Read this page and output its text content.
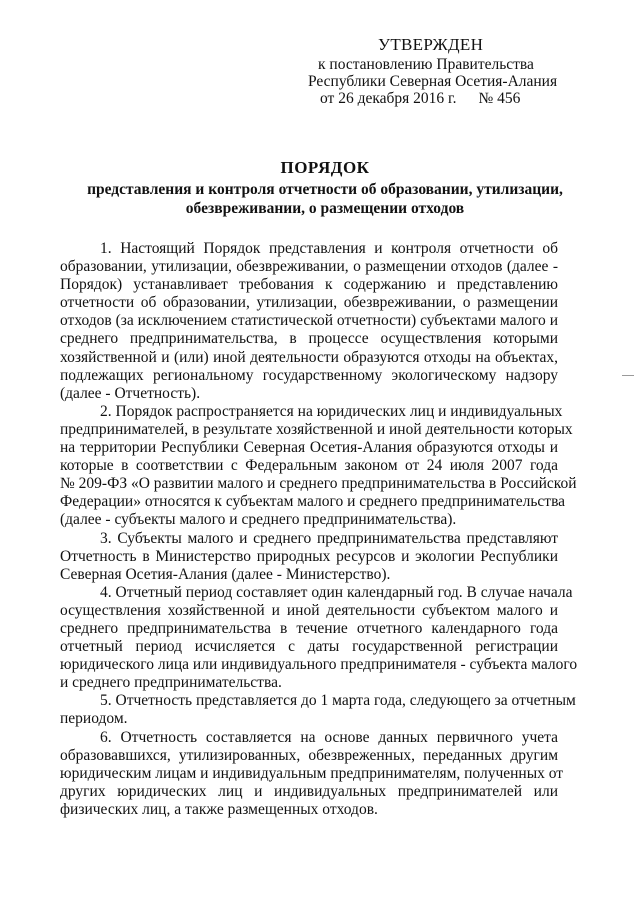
УТВЕРЖДЕН
к постановлению Правительства
Республики Северная Осетия-Алания
от 26 декабря 2016 г. № 456
ПОРЯДОК
представления и контроля отчетности об образовании, утилизации,
обезвреживании, о размещении отходов

1. Настоящий Порядок представления и контроля отчетности об
образовании, утилизации, обезвреживании, о размещении отходов (далее -
Порядок) устанавливает требования к содержанию и представлению
отчетности об образовании, утилизации, обезвреживании, о размещении
отходов (за исключением статистической отчетности) субъектами малого и
среднего предпринимательства, в процессе осуществления которыми
хозяйственной и (или) иной деятельности образуются отходы на объектах,
подлежащих региональному государственному экологическому надзору
(далее - Отчетность).

2. Порядок распространяется на юридических лиц и индивидуальных
предпринимателей, в результате хозяйственной и иной деятельности которых
на территории Республики Северная Осетия-Алания образуются отходы и
которые в соответствии с Федеральным законом от 24 июля 2007 года
№ 209-ФЗ «О развитии малого и среднего предпринимательства в Российской
Федерации» относятся к субъектам малого и среднего предпринимательства
(далее - субъекты малого и среднего предпринимательства).

3. Субъекты малого и среднего предпринимательства представляют
Отчетность в Министерство природных ресурсов и экологии Республики
Северная Осетия-Алания (далее - Министерство).

4. Отчетный период составляет один календарный год. В случае начала
осуществления хозяйственной и иной деятельности субъектом малого и
среднего предпринимательства в течение отчетного календарного года
отчетный период исчисляется с даты государственной регистрации
юридического лица или индивидуального предпринимателя - субъекта малого
и среднего предпринимательства.

5. Отчетность представляется до 1 марта года, следующего за отчетным
периодом.

6. Отчетность составляется на основе данных первичного учета
образовавшихся, утилизированных, обезвреженных, переданных другим
юридическим лицам и индивидуальным предпринимателям, полученных от
других юридических лиц и индивидуальных предпринимателей или
физических лиц, а также размещенных отходов.
